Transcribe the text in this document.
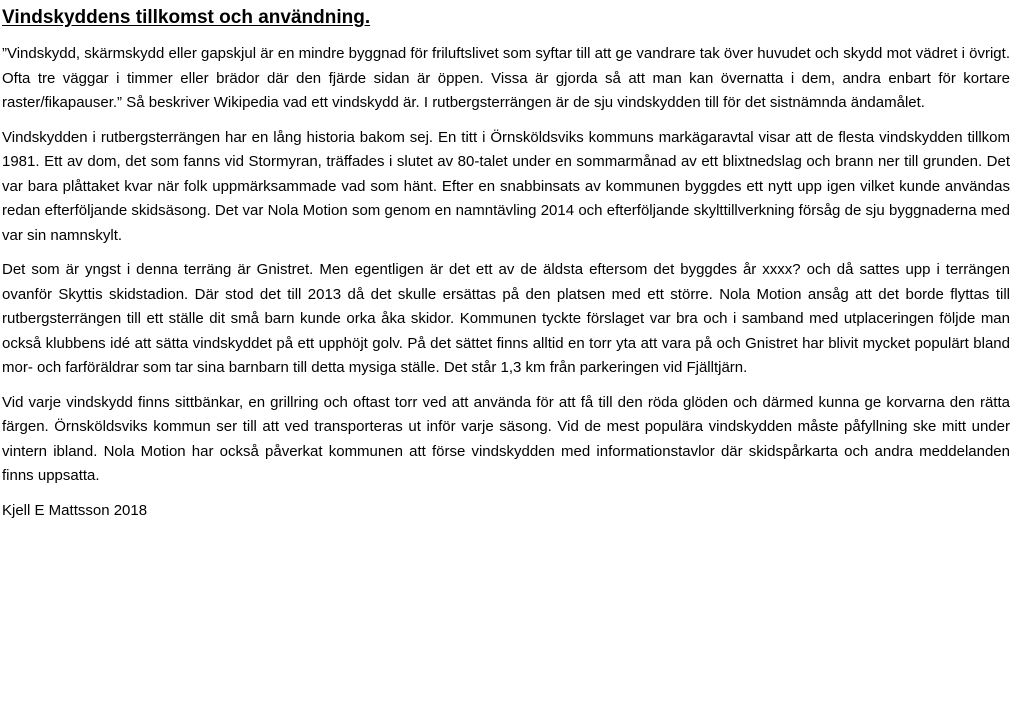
Vindskyddens tillkomst och användning.

”Vindskydd, skärmskydd eller gapskjul är en mindre byggnad för friluftslivet som syftar till att ge vandrare tak över huvudet och skydd mot vädret i övrigt. Ofta tre väggar i timmer eller brädor där den fjärde sidan är öppen. Vissa är gjorda så att man kan övernatta i dem, andra enbart för kortare raster/fikapauser.” Så beskriver Wikipedia vad ett vindskydd är. I rutbergsterrängen är de sju vindskydden till för det sistnämnda ändamålet.

Vindskydden i rutbergsterrängen har en lång historia bakom sej. En titt i Örnsköldsviks kommuns markägaravtal visar att de flesta vindskydden tillkom 1981. Ett av dom, det som fanns vid Stormyran, träffades i slutet av 80-talet under en sommarmånad av ett blixtnedslag och brann ner till grunden. Det var bara plåttaket kvar när folk uppmärksammade vad som hänt. Efter en snabbinsats av kommunen byggdes ett nytt upp igen vilket kunde användas redan efterföljande skidsäsong. Det var Nola Motion som genom en namntävling 2014 och efterföljande skylttillverkning försåg de sju byggnaderna med var sin namnskylt.

Det som är yngst i denna terräng är Gnistret. Men egentligen är det ett av de äldsta eftersom det byggdes år xxxx? och då sattes upp i terrängen ovanför Skyttis skidstadion. Där stod det till 2013 då det skulle ersättas på den platsen med ett större. Nola Motion ansåg att det borde flyttas till rutbergsterrängen till ett ställe dit små barn kunde orka åka skidor. Kommunen tyckte förslaget var bra och i samband med utplaceringen följde man också klubbens idé att sätta vindskyddet på ett upphöjt golv. På det sättet finns alltid en torr yta att vara på och Gnistret har blivit mycket populärt bland mor- och farföräldrar som tar sina barnbarn till detta mysiga ställe. Det står 1,3 km från parkeringen vid Fjälltjärn.

Vid varje vindskydd finns sittbänkar, en grillring och oftast torr ved att använda för att få till den röda glöden och därmed kunna ge korvarna den rätta färgen. Örnsköldsviks kommun ser till att ved transporteras ut inför varje säsong. Vid de mest populära vindskydden måste påfyllning ske mitt under vintern ibland. Nola Motion har också påverkat kommunen att förse vindskydden med informationstavlor där skidspårkarta och andra meddelanden finns uppsatta.

Kjell E Mattsson 2018
